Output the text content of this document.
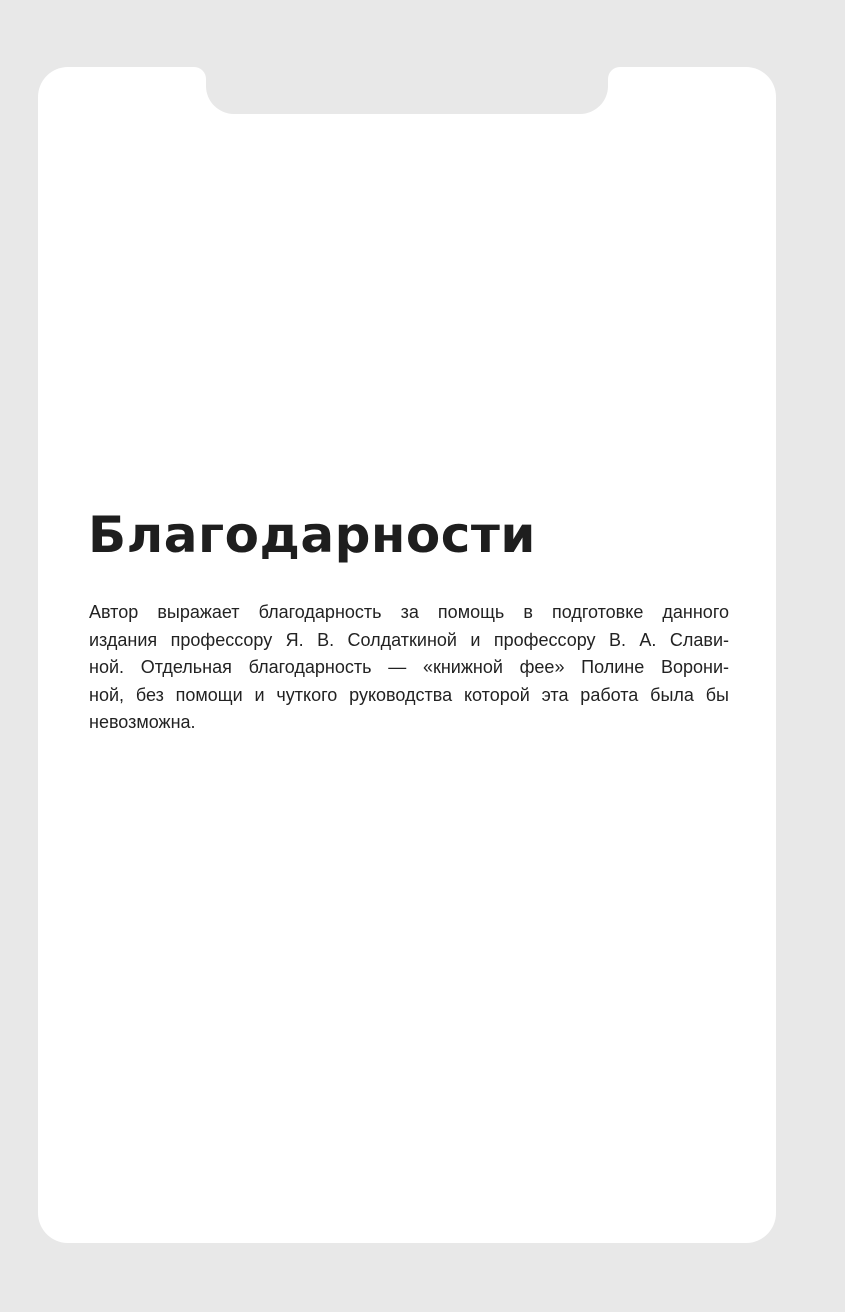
Благодарности

Автор выражает благодарность за помощь в подготовке данного
издания профессору Я. В. Солдаткиной и профессору В. А. Слави-
ной. Отдельная благодарность — «книжной фее» Полине Ворони-
ной, без помощи и чуткого руководства которой эта работа была бы
невозможна.
